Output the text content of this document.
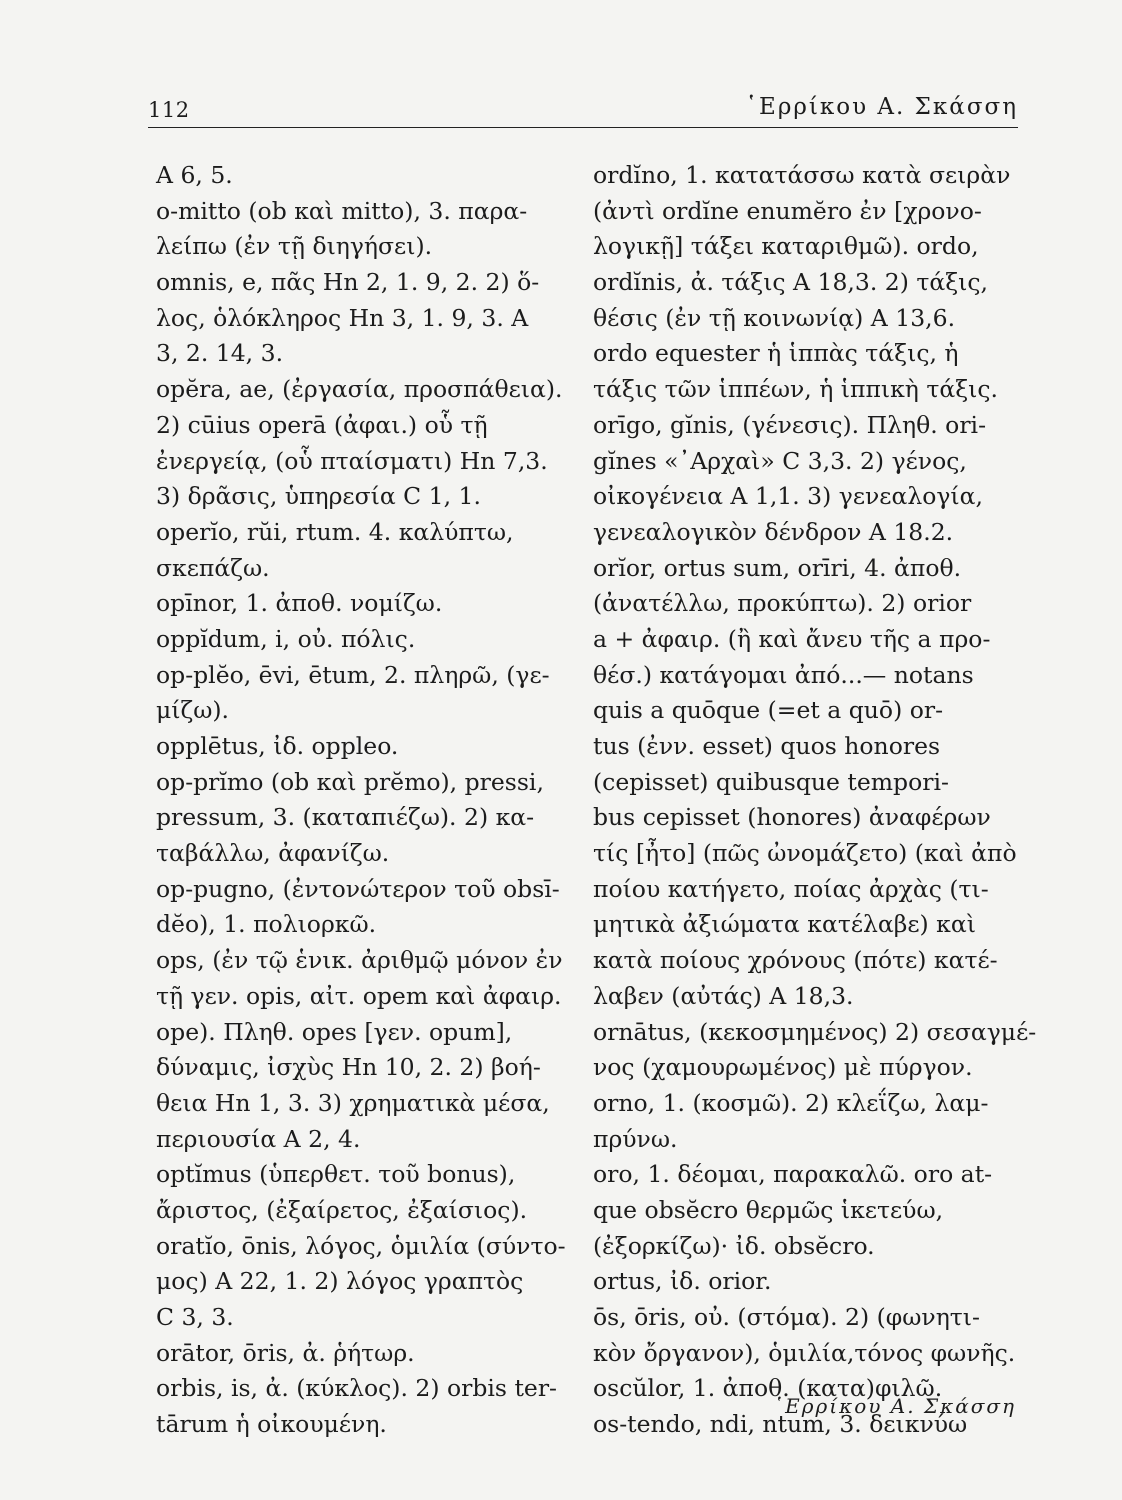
112	῾Ερρίκου Α. Σκάσση
Α 6, 5.
o-mitto (ob καὶ mitto), 3. παρα-
λείπω (ἐν τῇ διηγήσει).
omnis, e, πᾶς Hn 2, 1. 9, 2. 2) ὅ-
λος, ὁλόκληρος Hn 3, 1. 9, 3. Α
3, 2. 14, 3.
opĕra, ae, (ἐργασία, προσπάθεια).
2) cūius operā (ἀφαι.) οὗ τῇ
ἐνεργείᾳ, (οὗ πταίσματι) Hn 7,3.
3) δρᾶσις, ὑπηρεσία C 1, 1.
operĭo, rŭi, rtum. 4. καλύπτω,
σκεπάζω.
opīnor, 1. ἀποθ. νομίζω.
oppĭdum, i, οὐ. πόλις.
op-plĕo, ēvi, ētum, 2. πληρῶ, (γε-
μίζω).
opplētus, ἰδ. oppleo.
op-prĭmo (ob καὶ prĕmo), pressi,
pressum, 3. (καταπιέζω). 2) κα-
ταβάλλω, ἀφανίζω.
op-pugno, (ἐντονώτερον τοῦ obsī-
dĕo), 1. πολιορκῶ.
ops, (ἐν τῷ ἑνικ. ἀριθμῷ μόνον ἐν
τῇ γεν. opis, αἰτ. opem καὶ ἀφαιρ.
ope). Πληθ. opes [γεν. opum],
δύναμις, ἰσχὺς Hn 10, 2. 2) βοή-
θεια Hn 1, 3. 3) χρηματικὰ μέσα,
περιουσία Α 2, 4.
optĭmus (ὑπερθετ. τοῦ bonus),
ἄριστος, (ἐξαίρετος, ἐξαίσιος).
oratĭo, ōnis, λόγος, ὁμιλία (σύντο-
μος) Α 22, 1. 2) λόγος γραπτὸς
C 3, 3.
orātor, ōris, ἀ. ῥήτωρ.
orbis, is, ἀ. (κύκλος). 2) orbis ter-
tārum ἡ οἰκουμένη.
ordĭno, 1. κατατάσσω κατὰ σειρὰν
(ἀντὶ ordĭne enumĕro ἐν [χρονο-
λογικῇ] τάξει καταριθμῶ). ordo,
ordĭnis, ἀ. τάξις Α 18,3. 2) τάξις,
θέσις (ἐν τῇ κοινωνίᾳ) Α 13,6.
ordo equester ἡ ἱππὰς τάξις, ἡ
τάξις τῶν ἱππέων, ἡ ἱππικὴ τάξις.
orīgo, gĭnis, (γένεσις). Πληθ. ori-
gĭnes «᾿Αρχαὶ» C 3,3. 2) γένος,
οἰκογένεια Α 1,1. 3) γενεαλογία,
γενεαλογικὸν δένδρον Α 18.2.
orĭor, ortus sum, orīri, 4. ἀποθ.
(ἀνατέλλω, προκύπτω). 2) orior
a + ἀφαιρ. (ἢ καὶ ἄνευ τῆς a προ-
θέσ.) κατάγομαι ἀπό...— notans
quis a quōque (=et a quō) or-
tus (ἐνν. esset) quos honores
(cepisset) quibusque tempori-
bus cepisset (honores) ἀναφέρων
τίς [ἦτο] (πῶς ὠνομάζετο) (καὶ ἀπὸ
ποίου κατήγετο, ποίας ἀρχὰς (τι-
μητικὰ ἀξιώματα κατέλαβε) καὶ
κατὰ ποίους χρόνους (πότε) κατέ-
λαβεν (αὐτάς) Α 18,3.
ornātus, (κεκοσμημένος) 2) σεσαγμέ-
νος (χαμουρωμένος) μὲ πύργον.
orno, 1. (κοσμῶ). 2) κλεΐζω, λαμ-
πρύνω.
oro, 1. δέομαι, παρακαλῶ. oro at-
que obsĕcro θερμῶς ἱκετεύω,
(ἐξορκίζω)· ἰδ. obsĕcro.
ortus, ἰδ. orior.
ōs, ōris, οὐ. (στόμα). 2) (φωνητι-
κὸν ὄργανον), ὁμιλία,τόνος φωνῆς.
oscŭlor, 1. ἀποθ. (κατα)φιλῶ.
os-tendo, ndi, ntum, 3. δεικνύω
῾Ερρίκου Α. Σκάσση
